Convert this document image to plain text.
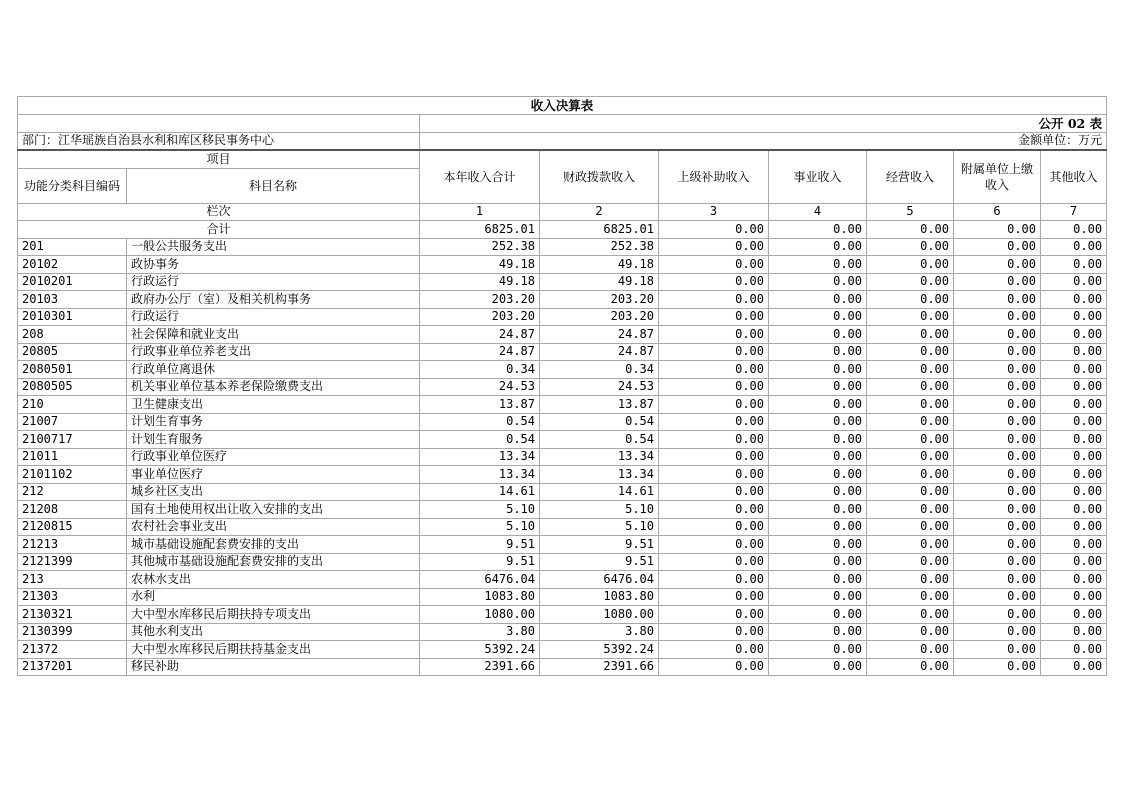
收入决算表								
		公开 02 表						
部门：江华瑶族自治县水利和库区移民事务中心		金额单位：万元						
项目		本年收入合计	财政拨款收入	上级补助收入	事业收入	经营收入	附属单位上缴收入	其他收入
功能分类科目编码	科目名称							
栏次		1	2	3	4	5	6	7
合计		6825.01	6825.01	0.00	0.00	0.00	0.00	0.00
201	一般公共服务支出	252.38	252.38	0.00	0.00	0.00	0.00	0.00
20102	政协事务	49.18	49.18	0.00	0.00	0.00	0.00	0.00
2010201	行政运行	49.18	49.18	0.00	0.00	0.00	0.00	0.00
20103	政府办公厅（室）及相关机构事务	203.20	203.20	0.00	0.00	0.00	0.00	0.00
2010301	行政运行	203.20	203.20	0.00	0.00	0.00	0.00	0.00
208	社会保障和就业支出	24.87	24.87	0.00	0.00	0.00	0.00	0.00
20805	行政事业单位养老支出	24.87	24.87	0.00	0.00	0.00	0.00	0.00
2080501	行政单位离退休	0.34	0.34	0.00	0.00	0.00	0.00	0.00
2080505	机关事业单位基本养老保险缴费支出	24.53	24.53	0.00	0.00	0.00	0.00	0.00
210	卫生健康支出	13.87	13.87	0.00	0.00	0.00	0.00	0.00
21007	计划生育事务	0.54	0.54	0.00	0.00	0.00	0.00	0.00
2100717	计划生育服务	0.54	0.54	0.00	0.00	0.00	0.00	0.00
21011	行政事业单位医疗	13.34	13.34	0.00	0.00	0.00	0.00	0.00
2101102	事业单位医疗	13.34	13.34	0.00	0.00	0.00	0.00	0.00
212	城乡社区支出	14.61	14.61	0.00	0.00	0.00	0.00	0.00
21208	国有土地使用权出让收入安排的支出	5.10	5.10	0.00	0.00	0.00	0.00	0.00
2120815	农村社会事业支出	5.10	5.10	0.00	0.00	0.00	0.00	0.00
21213	城市基础设施配套费安排的支出	9.51	9.51	0.00	0.00	0.00	0.00	0.00
2121399	其他城市基础设施配套费安排的支出	9.51	9.51	0.00	0.00	0.00	0.00	0.00
213	农林水支出	6476.04	6476.04	0.00	0.00	0.00	0.00	0.00
21303	水利	1083.80	1083.80	0.00	0.00	0.00	0.00	0.00
2130321	大中型水库移民后期扶持专项支出	1080.00	1080.00	0.00	0.00	0.00	0.00	0.00
2130399	其他水利支出	3.80	3.80	0.00	0.00	0.00	0.00	0.00
21372	大中型水库移民后期扶持基金支出	5392.24	5392.24	0.00	0.00	0.00	0.00	0.00
2137201	移民补助	2391.66	2391.66	0.00	0.00	0.00	0.00	0.00
